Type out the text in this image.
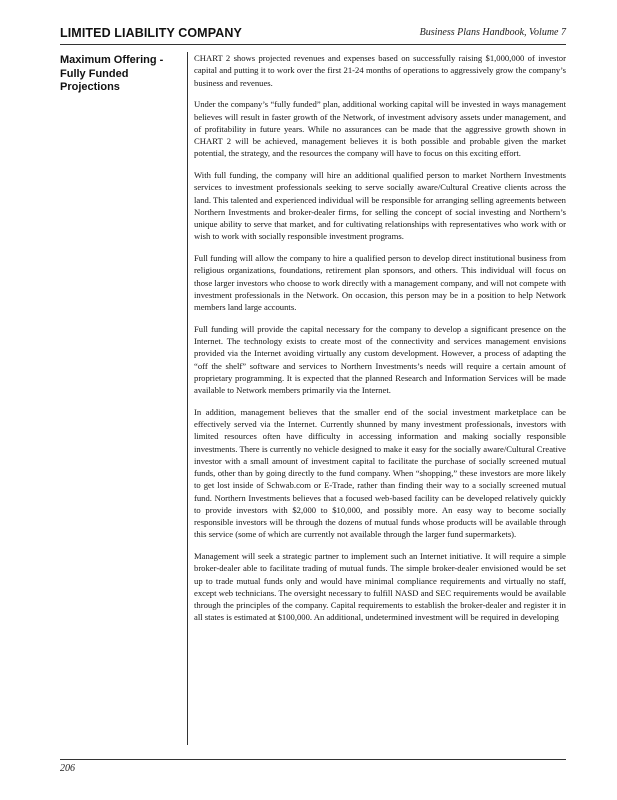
LIMITED LIABILITY COMPANY	Business Plans Handbook, Volume 7
Maximum Offering -
Fully Funded
Projections

CHART 2 shows projected revenues and expenses based on successfully raising $1,000,000 of investor capital and putting it to work over the first 21-24 months of operations to aggressively grow the company’s business and revenues.

Under the company’s “fully funded” plan, additional working capital will be invested in ways management believes will result in faster growth of the Network, of investment advisory assets under management, and of profitability in future years. While no assurances can be made that the aggressive growth shown in CHART 2 will be achieved, management believes it is both possible and probable given the market potential, the strategy, and the resources the company will have to focus on this exciting effort.

With full funding, the company will hire an additional qualified person to market Northern Investments services to investment professionals seeking to serve socially aware/Cultural Creative clients across the land. This talented and experienced individual will be responsible for arranging selling agreements between Northern Investments and broker-dealer firms, for selling the concept of social investing and Northern’s unique ability to serve that market, and for cultivating relationships with representatives who work with or wish to work with socially responsible investment programs.

Full funding will allow the company to hire a qualified person to develop direct institutional business from religious organizations, foundations, retirement plan sponsors, and others. This individual will focus on those larger investors who choose to work directly with a management company, and will not compete with investment professionals in the Network. On occasion, this person may be in a position to help Network members land large accounts.

Full funding will provide the capital necessary for the company to develop a significant presence on the Internet. The technology exists to create most of the connectivity and services management envisions provided via the Internet avoiding virtually any custom development. However, a process of adapting the “off the shelf” software and services to Northern Investments’s needs will require a certain amount of proprietary programming. It is expected that the planned Research and Information Services will be made available to Network members primarily via the Internet.

In addition, management believes that the smaller end of the social investment marketplace can be effectively served via the Internet. Currently shunned by many investment professionals, investors with limited resources often have difficulty in accessing information and making socially responsible investments. There is currently no vehicle designed to make it easy for the socially aware/Cultural Creative investor with a small amount of investment capital to facilitate the purchase of socially screened mutual funds, other than by going directly to the fund company. When “shopping,” these investors are more likely to get lost inside of Schwab.com or E-Trade, rather than finding their way to a socially screened mutual fund. Northern Investments believes that a focused web-based facility can be developed relatively quickly to provide investors with $2,000 to $10,000, and possibly more. An easy way to become socially responsible investors will be through the dozens of mutual funds whose products will be available through this service (some of which are currently not available through the larger fund supermarkets).

Management will seek a strategic partner to implement such an Internet initiative. It will require a simple broker-dealer able to facilitate trading of mutual funds. The simple broker-dealer envisioned would be set up to trade mutual funds only and would have minimal compliance requirements and virtually no staff, except web technicians. The oversight necessary to fulfill NASD and SEC requirements would be available through the principles of the company. Capital requirements to establish the broker-dealer and register it in all states is estimated at $100,000. An additional, undetermined investment will be required in developing

206
